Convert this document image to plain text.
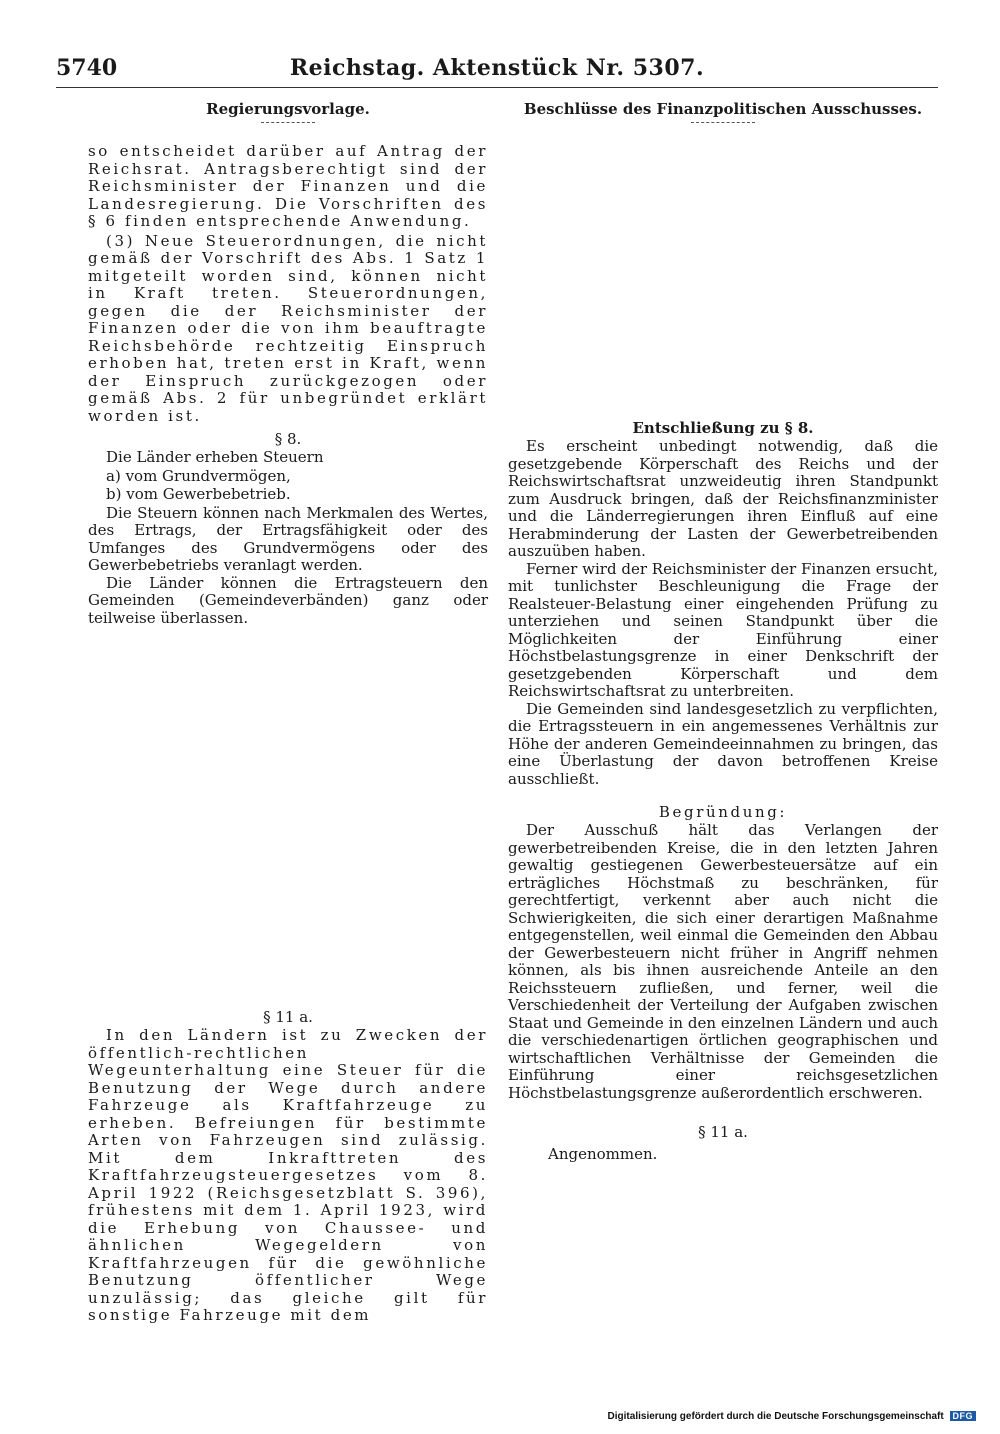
5740	Reichstag. Aktenstück Nr. 5307.
Regierungsvorlage.

so entscheidet darüber auf Antrag der Reichsrat. Antragsberechtigt sind der Reichsminister der Finanzen und die Landesregierung. Die Vorschriften des § 6 finden entsprechende Anwendung.

(3) Neue Steuerordnungen, die nicht gemäß der Vorschrift des Abs. 1 Satz 1 mitgeteilt worden sind, können nicht in Kraft treten. Steuerordnungen, gegen die der Reichsminister der Finanzen oder die von ihm beauftragte Reichsbehörde rechtzeitig Einspruch erhoben hat, treten erst in Kraft, wenn der Einspruch zurückgezogen oder gemäß Abs. 2 für unbegründet erklärt worden ist.

§ 8.

Die Länder erheben Steuern

a) vom Grundvermögen,
b) vom Gewerbebetrieb.

Die Steuern können nach Merkmalen des Wertes, des Ertrags, der Ertragsfähigkeit oder des Umfanges des Grundvermögens oder des Gewerbebetriebs veranlagt werden.

Die Länder können die Ertragsteuern den Gemeinden (Gemeindeverbänden) ganz oder teilweise überlassen.

§ 11 a.

In den Ländern ist zu Zwecken der öffentlich-rechtlichen Wegeunterhaltung eine Steuer für die Benutzung der Wege durch andere Fahrzeuge als Kraftfahrzeuge zu erheben. Befreiungen für bestimmte Arten von Fahrzeugen sind zulässig. Mit dem Inkrafttreten des Kraftfahrzeugsteuergesetzes vom 8. April 1922 (Reichsgesetzblatt S. 396), frühestens mit dem 1. April 1923, wird die Erhebung von Chaussee- und ähnlichen Wegegeldern von Kraftfahrzeugen für die gewöhnliche Benutzung öffentlicher Wege unzulässig; das gleiche gilt für sonstige Fahrzeuge mit dem

Beschlüsse des Finanzpolitischen Ausschusses.

Entschließung zu § 8.

Es erscheint unbedingt notwendig, daß die gesetzgebende Körperschaft des Reichs und der Reichswirtschaftsrat unzweideutig ihren Standpunkt zum Ausdruck bringen, daß der Reichsfinanzminister und die Länderregierungen ihren Einfluß auf eine Herabminderung der Lasten der Gewerbetreibenden auszuüben haben.

Ferner wird der Reichsminister der Finanzen ersucht, mit tunlichster Beschleunigung die Frage der Realsteuer-Belastung einer eingehenden Prüfung zu unterziehen und seinen Standpunkt über die Möglichkeiten der Einführung einer Höchstbelastungsgrenze in einer Denkschrift der gesetzgebenden Körperschaft und dem Reichswirtschaftsrat zu unterbreiten.

Die Gemeinden sind landesgesetzlich zu verpflichten, die Ertragssteuern in ein angemessenes Verhältnis zur Höhe der anderen Gemeindeeinnahmen zu bringen, das eine Überlastung der davon betroffenen Kreise ausschließt.

Begründung:

Der Ausschuß hält das Verlangen der gewerbetreibenden Kreise, die in den letzten Jahren gewaltig gestiegenen Gewerbesteuersätze auf ein erträgliches Höchstmaß zu beschränken, für gerechtfertigt, verkennt aber auch nicht die Schwierigkeiten, die sich einer derartigen Maßnahme entgegenstellen, weil einmal die Gemeinden den Abbau der Gewerbesteuern nicht früher in Angriff nehmen können, als bis ihnen ausreichende Anteile an den Reichssteuern zufließen, und ferner, weil die Verschiedenheit der Verteilung der Aufgaben zwischen Staat und Gemeinde in den einzelnen Ländern und auch die verschiedenartigen örtlichen geographischen und wirtschaftlichen Verhältnisse der Gemeinden die Einführung einer reichsgesetzlichen Höchstbelastungsgrenze außerordentlich erschweren.

§ 11 a.

Angenommen.

Digitalisierung gefördert durch die Deutsche Forschungsgemeinschaft DFG
